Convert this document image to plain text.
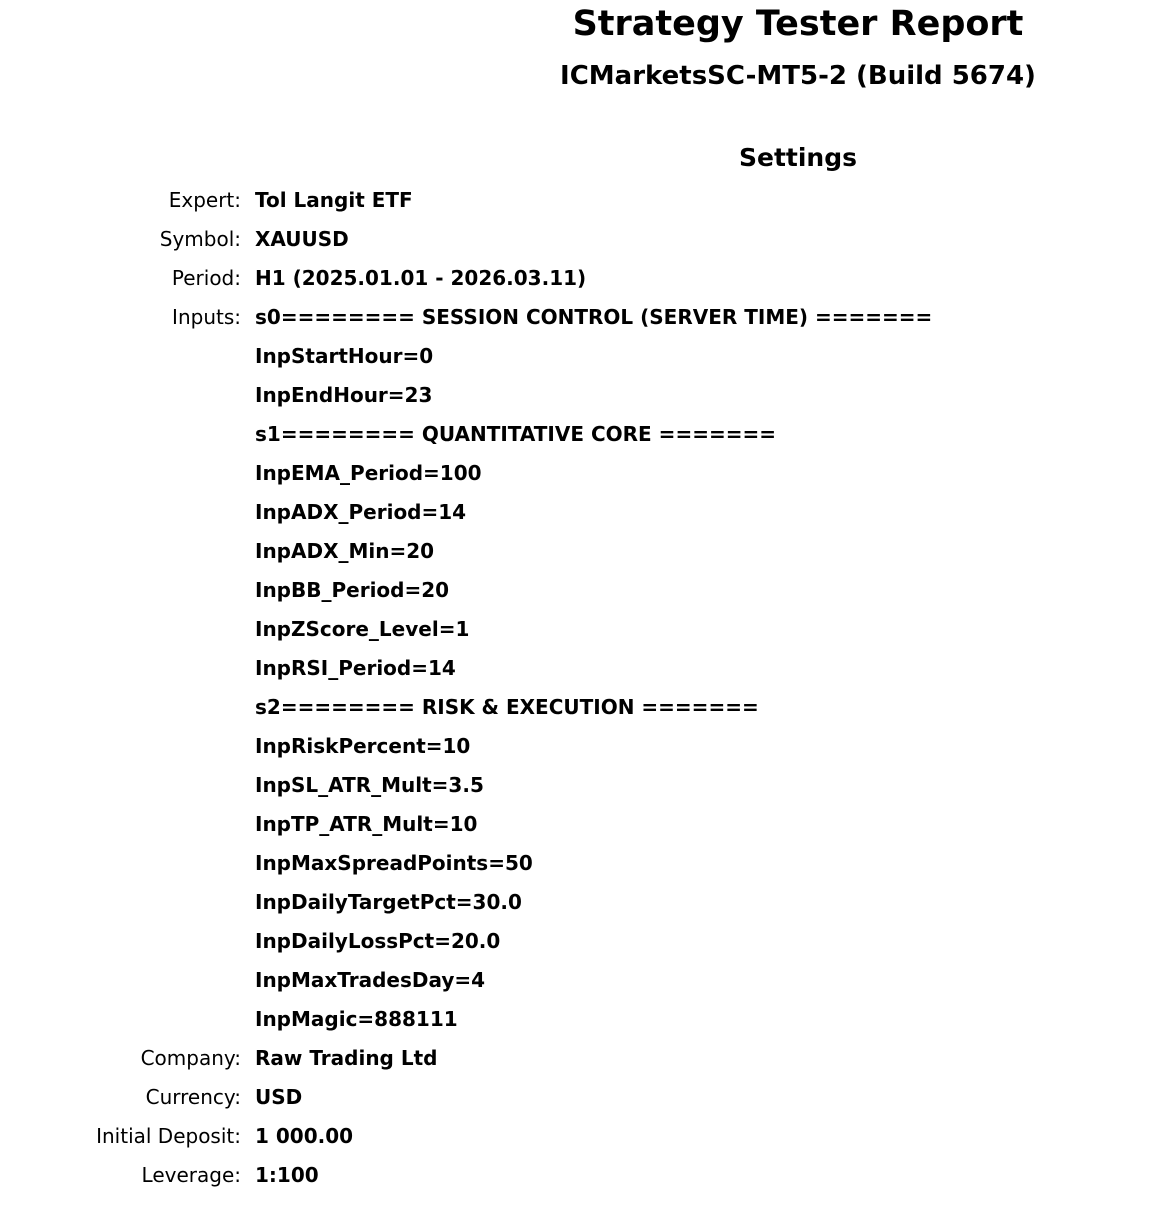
Strategy Tester Report
ICMarketsSC-MT5-2 (Build 5674)
Settings
Expert: Tol Langit ETF
Symbol: XAUUSD
Period: H1 (2025.01.01 - 2026.03.11)
Inputs: s0======== SESSION CONTROL (SERVER TIME) =======
InpStartHour=0
InpEndHour=23
s1======== QUANTITATIVE CORE =======
InpEMA_Period=100
InpADX_Period=14
InpADX_Min=20
InpBB_Period=20
InpZScore_Level=1
InpRSI_Period=14
s2======== RISK & EXECUTION =======
InpRiskPercent=10
InpSL_ATR_Mult=3.5
InpTP_ATR_Mult=10
InpMaxSpreadPoints=50
InpDailyTargetPct=30.0
InpDailyLossPct=20.0
InpMaxTradesDay=4
InpMagic=888111
Company: Raw Trading Ltd
Currency: USD
Initial Deposit: 1 000.00
Leverage: 1:100
